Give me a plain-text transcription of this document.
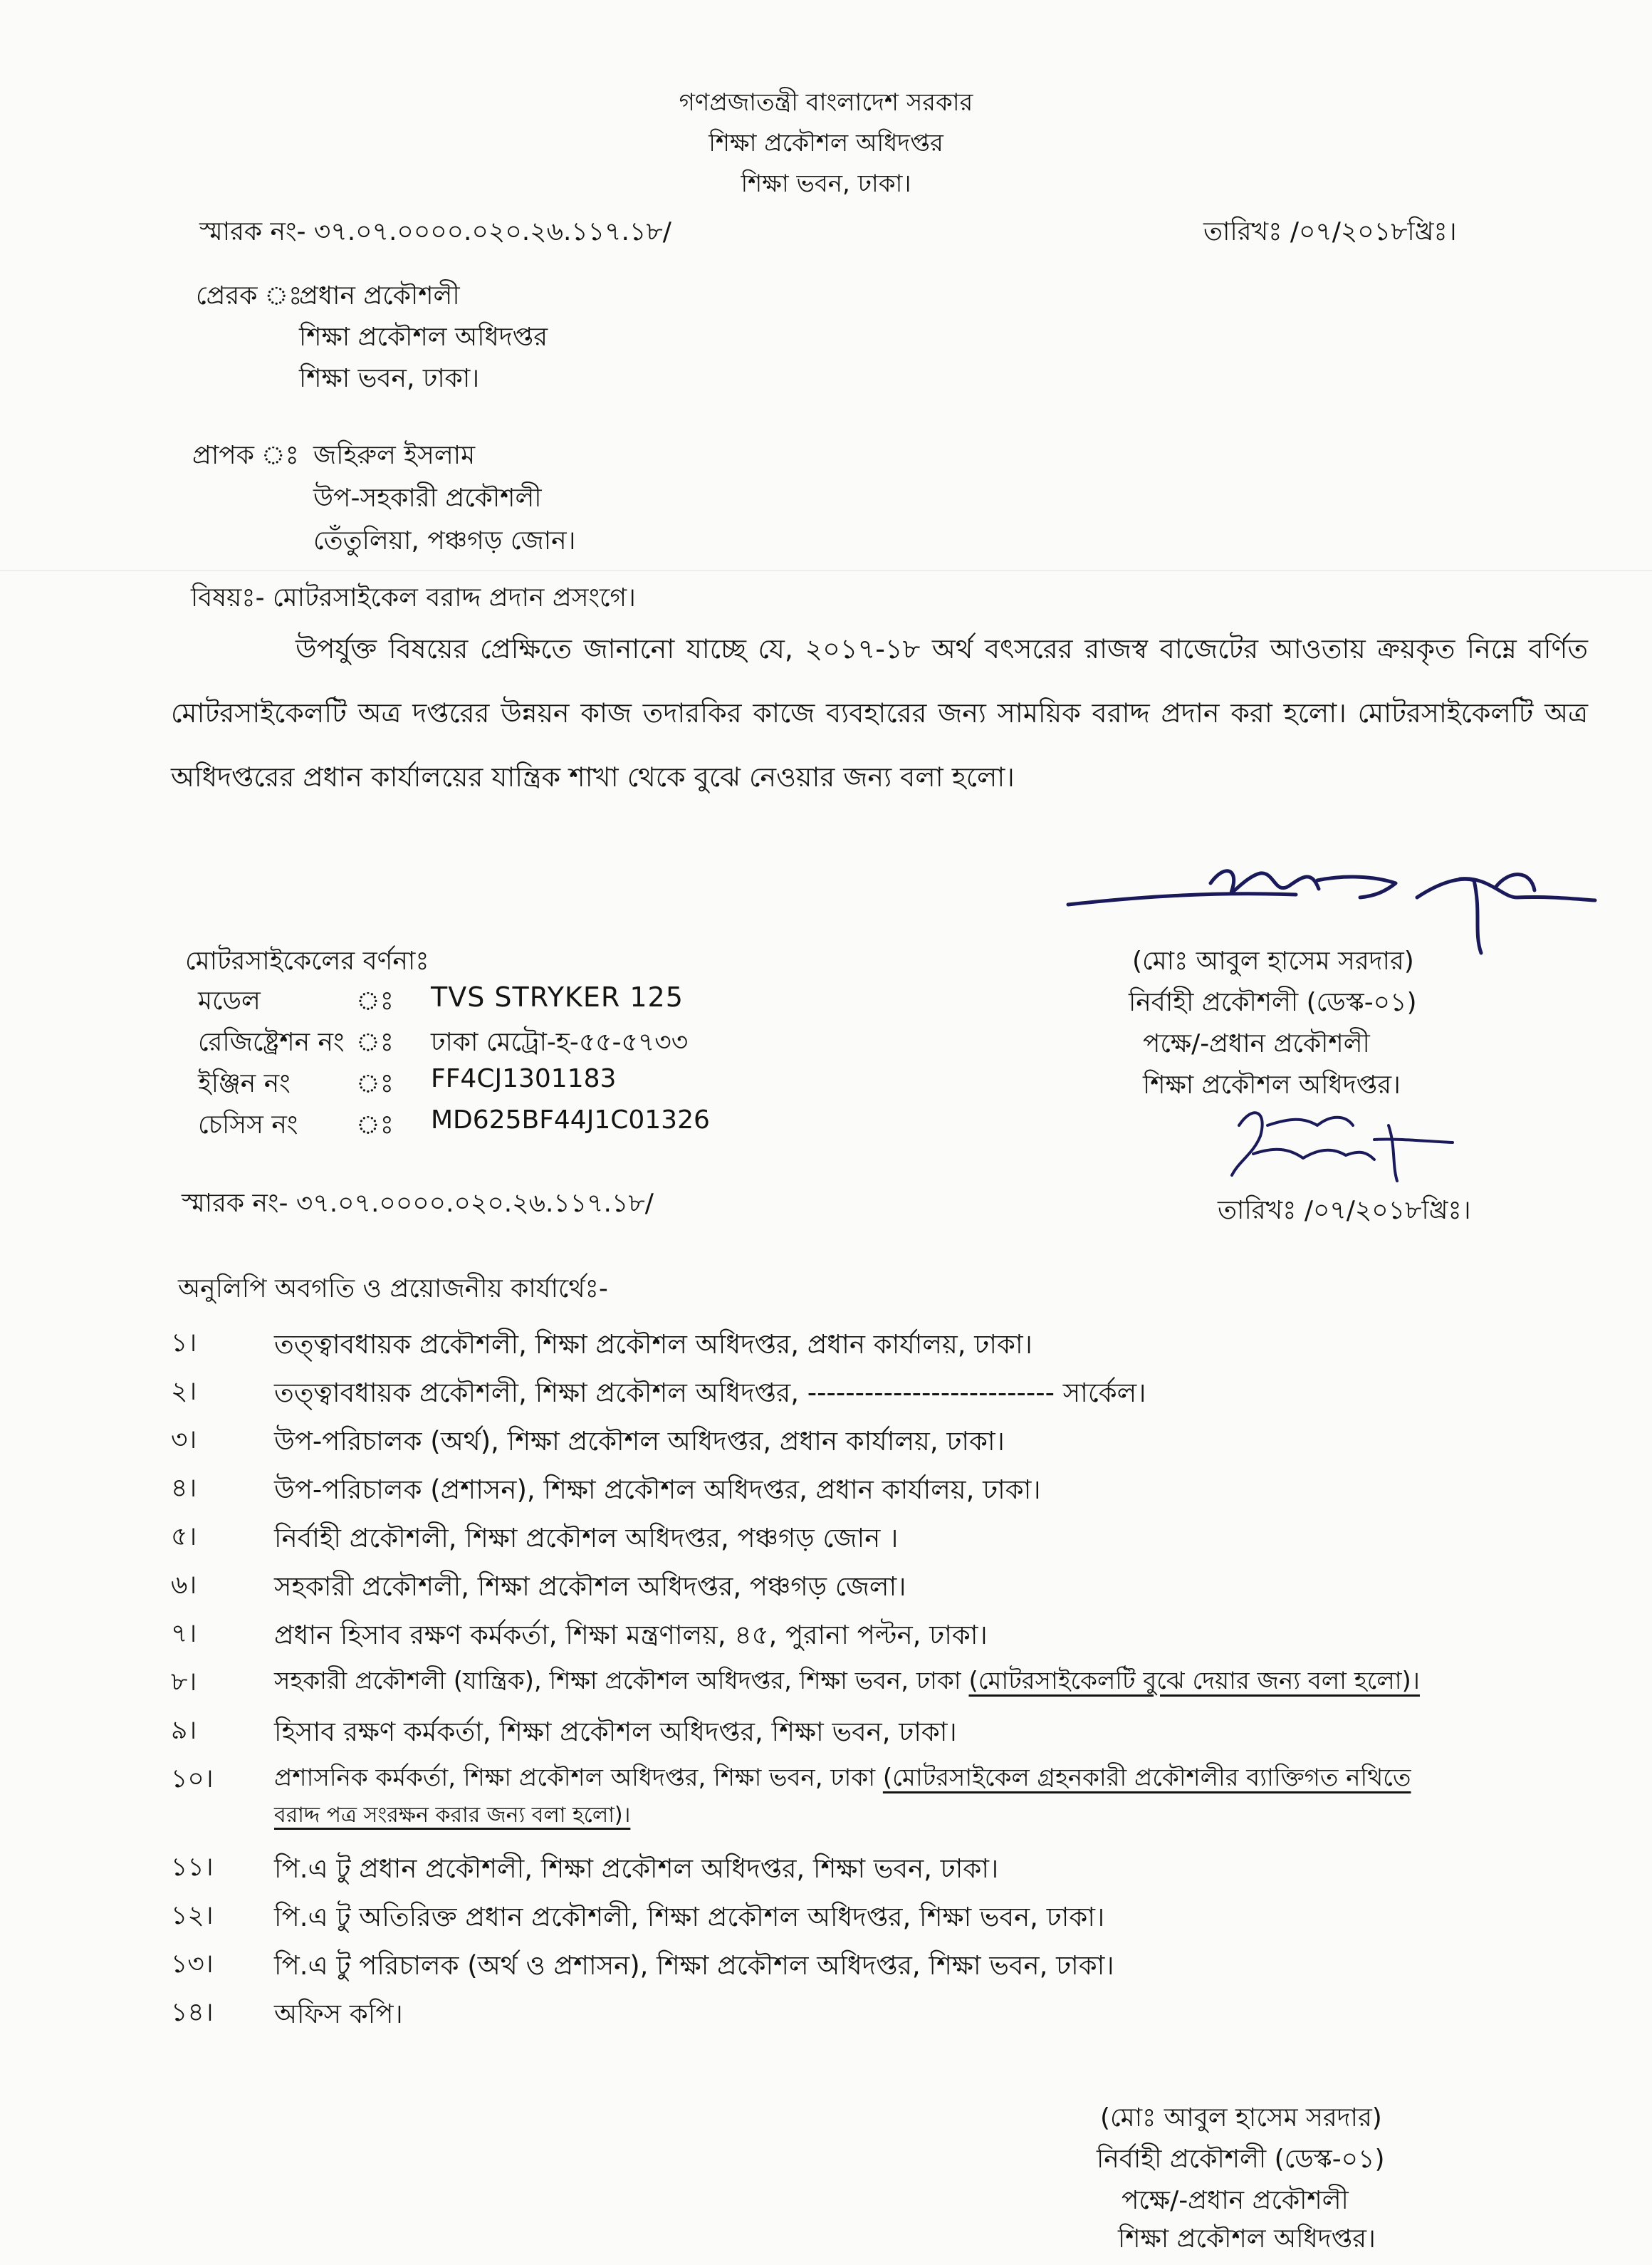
গণপ্রজাতন্ত্রী বাংলাদেশ সরকার
শিক্ষা প্রকৌশল অধিদপ্তর
শিক্ষা ভবন, ঢাকা।
স্মারক নং- ৩৭.০৭.০০০০.০২০.২৬.১১৭.১৮/	তারিখঃ /০৭/২০১৮খ্রিঃ।
প্রেরক ঃ
প্রধান প্রকৌশলী
শিক্ষা প্রকৌশল অধিদপ্তর
শিক্ষা ভবন, ঢাকা।
প্রাপক ঃ জহিরুল ইসলাম
উপ-সহকারী প্রকৌশলী
তেঁতুলিয়া, পঞ্চগড় জোন।
বিষয়ঃ- মোটরসাইকেল বরাদ্দ প্রদান প্রসংগে।
উপর্যুক্ত বিষয়ের প্রেক্ষিতে জানানো যাচ্ছে যে, ২০১৭-১৮ অর্থ বৎসরের রাজস্ব বাজেটের আওতায় ক্রয়কৃত নিম্নে বর্ণিত মোটরসাইকেলটি অত্র দপ্তরের উন্নয়ন কাজ তদারকির কাজে ব্যবহারের জন্য সাময়িক বরাদ্দ প্রদান করা হলো। মোটরসাইকেলটি অত্র অধিদপ্তরের প্রধান কার্যালয়ের যান্ত্রিক শাখা থেকে বুঝে নেওয়ার জন্য বলা হলো।
মোটরসাইকেলের বর্ণনাঃ
মডেল	ঃ TVS STRYKER 125
রেজিষ্ট্রেশন নং ঃ ঢাকা মেট্রো-হ-৫৫-৫৭৩৩
ইঞ্জিন নং	ঃ FF4CJ1301183
চেসিস নং ঃ MD625BF44J1C01326
(মোঃ আবুল হাসেম সরদার)
নির্বাহী প্রকৌশলী (ডেস্ক-০১)
পক্ষে/-প্রধান প্রকৌশলী
শিক্ষা প্রকৌশল অধিদপ্তর।
স্মারক নং- ৩৭.০৭.০০০০.০২০.২৬.১১৭.১৮/	তারিখঃ /০৭/২০১৮খ্রিঃ।
অনুলিপি অবগতি ও প্রয়োজনীয় কার্যার্থেঃ-
১।	তত্ত্বাবধায়ক প্রকৌশলী, শিক্ষা প্রকৌশল অধিদপ্তর, প্রধান কার্যালয়, ঢাকা।
২।	তত্ত্বাবধায়ক প্রকৌশলী, শিক্ষা প্রকৌশল অধিদপ্তর, -------------------------- সার্কেল।
৩।	উপ-পরিচালক (অর্থ), শিক্ষা প্রকৌশল অধিদপ্তর, প্রধান কার্যালয়, ঢাকা।
৪।	উপ-পরিচালক (প্রশাসন), শিক্ষা প্রকৌশল অধিদপ্তর, প্রধান কার্যালয়, ঢাকা।
৫।	নির্বাহী প্রকৌশলী, শিক্ষা প্রকৌশল অধিদপ্তর, পঞ্চগড় জোন ।
৬।	সহকারী প্রকৌশলী, শিক্ষা প্রকৌশল অধিদপ্তর, পঞ্চগড় জেলা।
৭।	প্রধান হিসাব রক্ষণ কর্মকর্তা, শিক্ষা মন্ত্রণালয়, ৪৫, পুরানা পল্টন, ঢাকা।
৮।	সহকারী প্রকৌশলী (যান্ত্রিক), শিক্ষা প্রকৌশল অধিদপ্তর, শিক্ষা ভবন, ঢাকা (মোটরসাইকেলটি বুঝে দেয়ার জন্য বলা হলো)।
৯।	হিসাব রক্ষণ কর্মকর্তা, শিক্ষা প্রকৌশল অধিদপ্তর, শিক্ষা ভবন, ঢাকা।
১০।	প্রশাসনিক কর্মকর্তা, শিক্ষা প্রকৌশল অধিদপ্তর, শিক্ষা ভবন, ঢাকা (মোটরসাইকেল গ্রহনকারী প্রকৌশলীর ব্যাক্তিগত নথিতে
বরাদ্দ পত্র সংরক্ষন করার জন্য বলা হলো)।
১১। পি.এ টু প্রধান প্রকৌশলী, শিক্ষা প্রকৌশল অধিদপ্তর, শিক্ষা ভবন, ঢাকা।
১২। পি.এ টু অতিরিক্ত প্রধান প্রকৌশলী, শিক্ষা প্রকৌশল অধিদপ্তর, শিক্ষা ভবন, ঢাকা।
১৩। পি.এ টু পরিচালক (অর্থ ও প্রশাসন), শিক্ষা প্রকৌশল অধিদপ্তর, শিক্ষা ভবন, ঢাকা।
১৪। অফিস কপি।
(মোঃ আবুল হাসেম সরদার)
নির্বাহী প্রকৌশলী (ডেস্ক-০১)
পক্ষে/-প্রধান প্রকৌশলী
শিক্ষা প্রকৌশল অধিদপ্তর।
